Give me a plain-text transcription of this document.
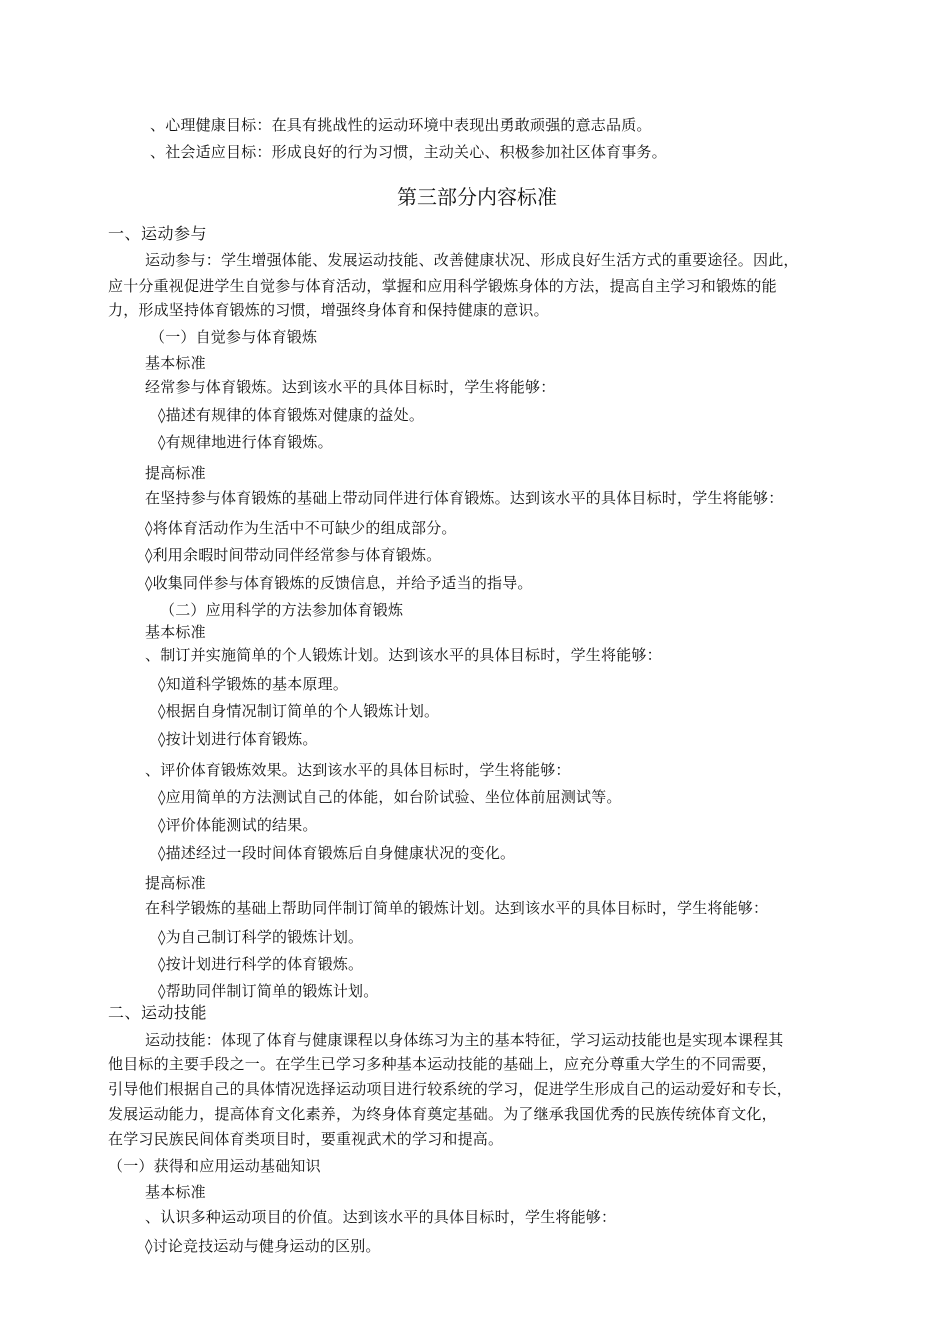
、心理健康目标：在具有挑战性的运动环境中表现出勇敢顽强的意志品质。
、社会适应目标：形成良好的行为习惯，主动关心、积极参加社区体育事务。
第三部分内容标准
一、运动参与
运动参与：学生增强体能、发展运动技能、改善健康状况、形成良好生活方式的重要途径。因此，
应十分重视促进学生自觉参与体育活动，掌握和应用科学锻炼身体的方法，提高自主学习和锻炼的能
力，形成坚持体育锻炼的习惯，增强终身体育和保持健康的意识。
（一）自觉参与体育锻炼
基本标准
经常参与体育锻炼。达到该水平的具体目标时，学生将能够：
◊描述有规律的体育锻炼对健康的益处。
◊有规律地进行体育锻炼。
提高标准
在坚持参与体育锻炼的基础上带动同伴进行体育锻炼。达到该水平的具体目标时，学生将能够：
◊将体育活动作为生活中不可缺少的组成部分。
◊利用余暇时间带动同伴经常参与体育锻炼。
◊收集同伴参与体育锻炼的反馈信息，并给予适当的指导。
（二）应用科学的方法参加体育锻炼
基本标准
、制订并实施简单的个人锻炼计划。达到该水平的具体目标时，学生将能够：
◊知道科学锻炼的基本原理。
◊根据自身情况制订简单的个人锻炼计划。
◊按计划进行体育锻炼。
、评价体育锻炼效果。达到该水平的具体目标时，学生将能够：
◊应用简单的方法测试自己的体能，如台阶试验、坐位体前屈测试等。
◊评价体能测试的结果。
◊描述经过一段时间体育锻炼后自身健康状况的变化。
提高标准
在科学锻炼的基础上帮助同伴制订简单的锻炼计划。达到该水平的具体目标时，学生将能够：
◊为自己制订科学的锻炼计划。
◊按计划进行科学的体育锻炼。
◊帮助同伴制订简单的锻炼计划。
二、运动技能
运动技能：体现了体育与健康课程以身体练习为主的基本特征，学习运动技能也是实现本课程其
他目标的主要手段之一。在学生已学习多种基本运动技能的基础上，应充分尊重大学生的不同需要，
引导他们根据自己的具体情况选择运动项目进行较系统的学习，促进学生形成自己的运动爱好和专长，
发展运动能力，提高体育文化素养，为终身体育奠定基础。为了继承我国优秀的民族传统体育文化，
在学习民族民间体育类项目时，要重视武术的学习和提高。
（一）获得和应用运动基础知识
基本标准
、认识多种运动项目的价值。达到该水平的具体目标时，学生将能够：
◊讨论竞技运动与健身运动的区别。
